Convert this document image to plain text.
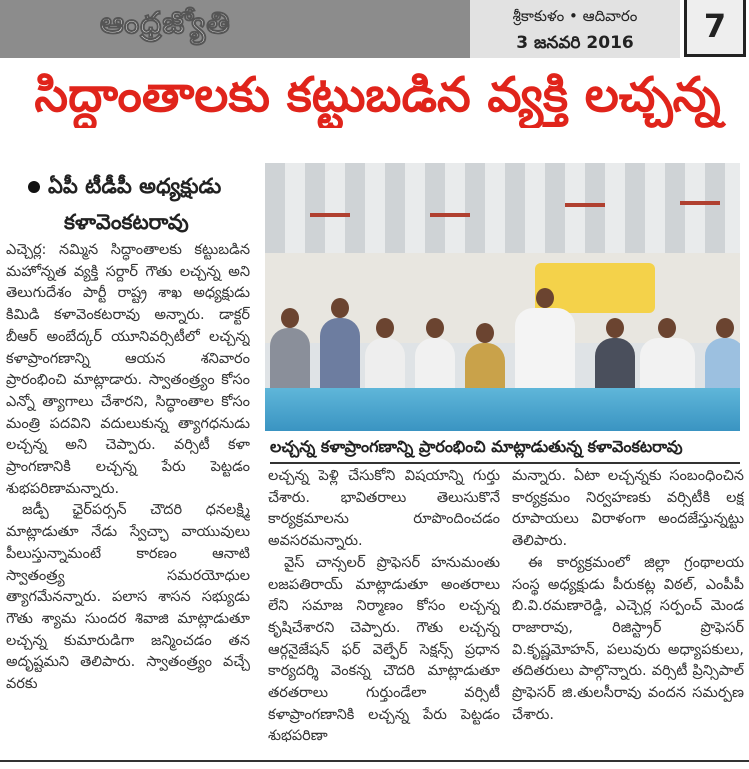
ఆంధ్రజ్యోతి	శ్రీకాకుళం • ఆదివారం
3 జనవరి 2016	7
సిద్ధాంతాలకు కట్టుబడిన వ్యక్తి లచ్చన్న
ఏపీ టీడీపీ అధ్యక్షుడు
కళావెంకటరావు

ఎచ్చెర్ల: నమ్మిన సిద్ధాంతాలకు కట్టుబడిన మహోన్నత వ్యక్తి సర్దార్ గౌతు లచ్చన్న అని తెలుగుదేశం పార్టీ రాష్ట్ర శాఖ అధ్యక్షుడు కిమిడి కళావెంకటరావు అన్నారు. డాక్టర్ బీఆర్ అంబేద్కర్ యూనివర్సిటీలో లచ్చన్న కళాప్రాంగణాన్ని ఆయన శనివారం ప్రారంభించి మాట్లాడారు. స్వాతంత్ర్యం కోసం ఎన్నో త్యాగాలు చేశారని, సిద్ధాంతాల కోసం మంత్రి పదవిని వదులుకున్న త్యాగధనుడు లచ్చన్న అని చెప్పారు. వర్సిటీ కళా ప్రాంగణానికి లచ్చన్న పేరు పెట్టడం శుభపరిణామన్నారు.

జడ్పీ ఛైర్‌పర్సన్ చౌదరి ధనలక్ష్మి మాట్లాడుతూ నేడు స్వేచ్ఛా వాయువులు పీలుస్తున్నామంటే కారణం ఆనాటి స్వాతంత్ర్య సమరయోధుల త్యాగమేనన్నారు. పలాస శాసన సభ్యుడు గౌతు శ్యామ సుందర శివాజి మాట్లాడుతూ లచ్చన్న కుమారుడిగా జన్మించడం తన అదృష్టమని తెలిపారు. స్వాతంత్ర్యం వచ్చే వరకు

లచ్చన్న కళాప్రాంగణాన్ని ప్రారంభించి మాట్లాడుతున్న కళావెంకటరావు

లచ్చన్న పెళ్లి చేసుకోని విషయాన్ని గుర్తు చేశారు. భావితరాలు తెలుసుకొనే కార్యక్రమాలను రూపొందించడం అవసరమన్నారు.

వైస్ చాన్సలర్ ప్రొఫెసర్ హనుమంతు లజపతిరాయ్ మాట్లాడుతూ అంతరాలు లేని సమాజ నిర్మాణం కోసం లచ్చన్న కృషిచేశారని చెప్పారు. గౌతు లచ్చన్న ఆర్గనైజేషన్ ఫర్ వెల్ఫేర్ సెక్షన్స్ ప్రధాన కార్యదర్శి వెంకన్న చౌదరి మాట్లాడుతూ తరతరాలు గుర్తుండేలా వర్సిటీ కళాప్రాంగణానికి లచ్చన్న పేరు పెట్టడం శుభపరిణా

మన్నారు. ఏటా లచ్చన్నకు సంబంధించిన కార్యక్రమం నిర్వహణకు వర్సిటీకి లక్ష రూపాయలు విరాళంగా అందజేస్తున్నట్టు తెలిపారు.

ఈ కార్యక్రమంలో జిల్లా గ్రంథాలయ సంస్థ అధ్యక్షుడు పీరుకట్ల విఠల్, ఎంపీపీ బి.వి.రమణారెడ్డి, ఎచ్చెర్ల సర్పంచ్ మెండ రాజారావు, రిజిస్ట్రార్ ప్రొఫెసర్ వి.కృష్ణమోహన్, పలువురు అధ్యాపకులు, తదితరులు పాల్గొన్నారు. వర్సిటీ ప్రిన్సిపాల్ ప్రొఫెసర్ జి.తులసీరావు వందన సమర్పణ చేశారు.
